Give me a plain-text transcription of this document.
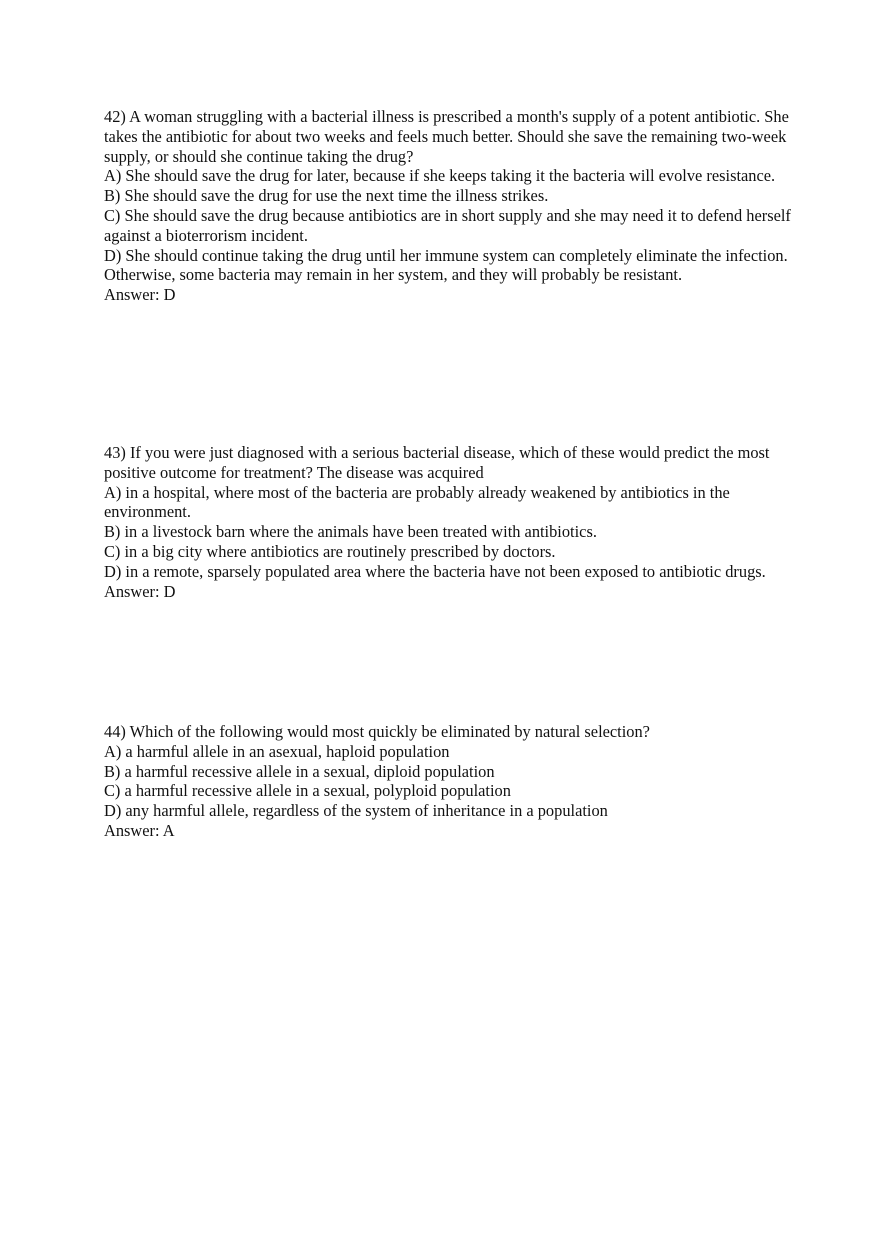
42) A woman struggling with a bacterial illness is prescribed a month's supply of a potent antibiotic. She takes the antibiotic for about two weeks and feels much better. Should she save the remaining two-week supply, or should she continue taking the drug?
A) She should save the drug for later, because if she keeps taking it the bacteria will evolve resistance.
B) She should save the drug for use the next time the illness strikes.
C) She should save the drug because antibiotics are in short supply and she may need it to defend herself against a bioterrorism incident.
D) She should continue taking the drug until her immune system can completely eliminate the infection. Otherwise, some bacteria may remain in her system, and they will probably be resistant.
Answer: D
43) If you were just diagnosed with a serious bacterial disease, which of these would predict the most positive outcome for treatment? The disease was acquired
A) in a hospital, where most of the bacteria are probably already weakened by antibiotics in the environment.
B) in a livestock barn where the animals have been treated with antibiotics.
C) in a big city where antibiotics are routinely prescribed by doctors.
D) in a remote, sparsely populated area where the bacteria have not been exposed to antibiotic drugs.
Answer: D
44) Which of the following would most quickly be eliminated by natural selection?
A) a harmful allele in an asexual, haploid population
B) a harmful recessive allele in a sexual, diploid population
C) a harmful recessive allele in a sexual, polyploid population
D) any harmful allele, regardless of the system of inheritance in a population
Answer: A
